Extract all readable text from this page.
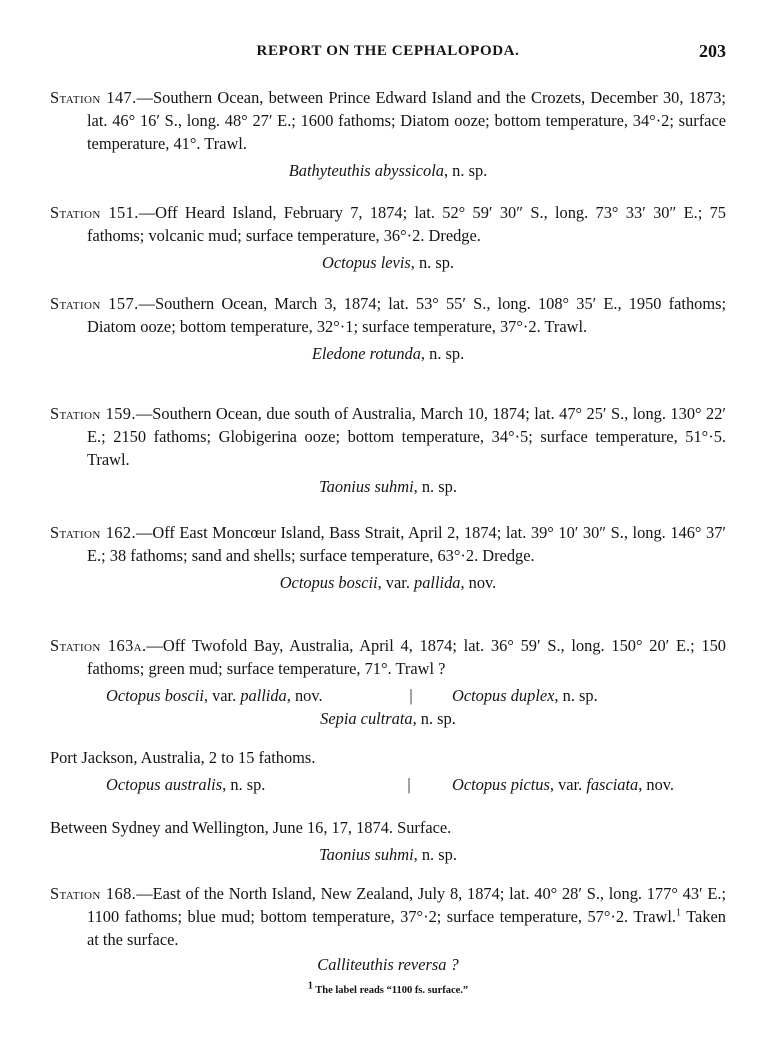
REPORT ON THE CEPHALOPODA.	203

Station 147.—Southern Ocean, between Prince Edward Island and the Crozets, December 30, 1873; lat. 46° 16′ S., long. 48° 27′ E.; 1600 fathoms; Diatom ooze; bottom temperature, 34°·2; surface temperature, 41°. Trawl.

Bathyteuthis abyssicola, n. sp.

Station 151.—Off Heard Island, February 7, 1874; lat. 52° 59′ 30″ S., long. 73° 33′ 30″ E.; 75 fathoms; volcanic mud; surface temperature, 36°·2. Dredge.

Octopus levis, n. sp.

Station 157.—Southern Ocean, March 3, 1874; lat. 53° 55′ S., long. 108° 35′ E., 1950 fathoms; Diatom ooze; bottom temperature, 32°·1; surface temperature, 37°·2. Trawl.

Eledone rotunda, n. sp.

Station 159.—Southern Ocean, due south of Australia, March 10, 1874; lat. 47° 25′ S., long. 130° 22′ E.; 2150 fathoms; Globigerina ooze; bottom temperature, 34°·5; surface temperature, 51°·5. Trawl.

Taonius suhmi, n. sp.

Station 162.—Off East Moncœur Island, Bass Strait, April 2, 1874; lat. 39° 10′ 30″ S., long. 146° 37′ E.; 38 fathoms; sand and shells; surface temperature, 63°·2. Dredge.

Octopus boscii, var. pallida, nov.

Station 163a.—Off Twofold Bay, Australia, April 4, 1874; lat. 36° 59′ S., long. 150° 20′ E.; 150 fathoms; green mud; surface temperature, 71°. Trawl ?

Octopus boscii, var. pallida, nov.	|	Octopus duplex, n. sp.
Sepia cultrata, n. sp.

Port Jackson, Australia, 2 to 15 fathoms.

Octopus australis, n. sp.	|	Octopus pictus, var. fasciata, nov.

Between Sydney and Wellington, June 16, 17, 1874. Surface.

Taonius suhmi, n. sp.

Station 168.—East of the North Island, New Zealand, July 8, 1874; lat. 40° 28′ S., long. 177° 43′ E.; 1100 fathoms; blue mud; bottom temperature, 37°·2; surface temperature, 57°·2. Trawl.$^1$ Taken at the surface.

Calliteuthis reversa ?
$^1$ The label reads “1100 fs. surface.”
